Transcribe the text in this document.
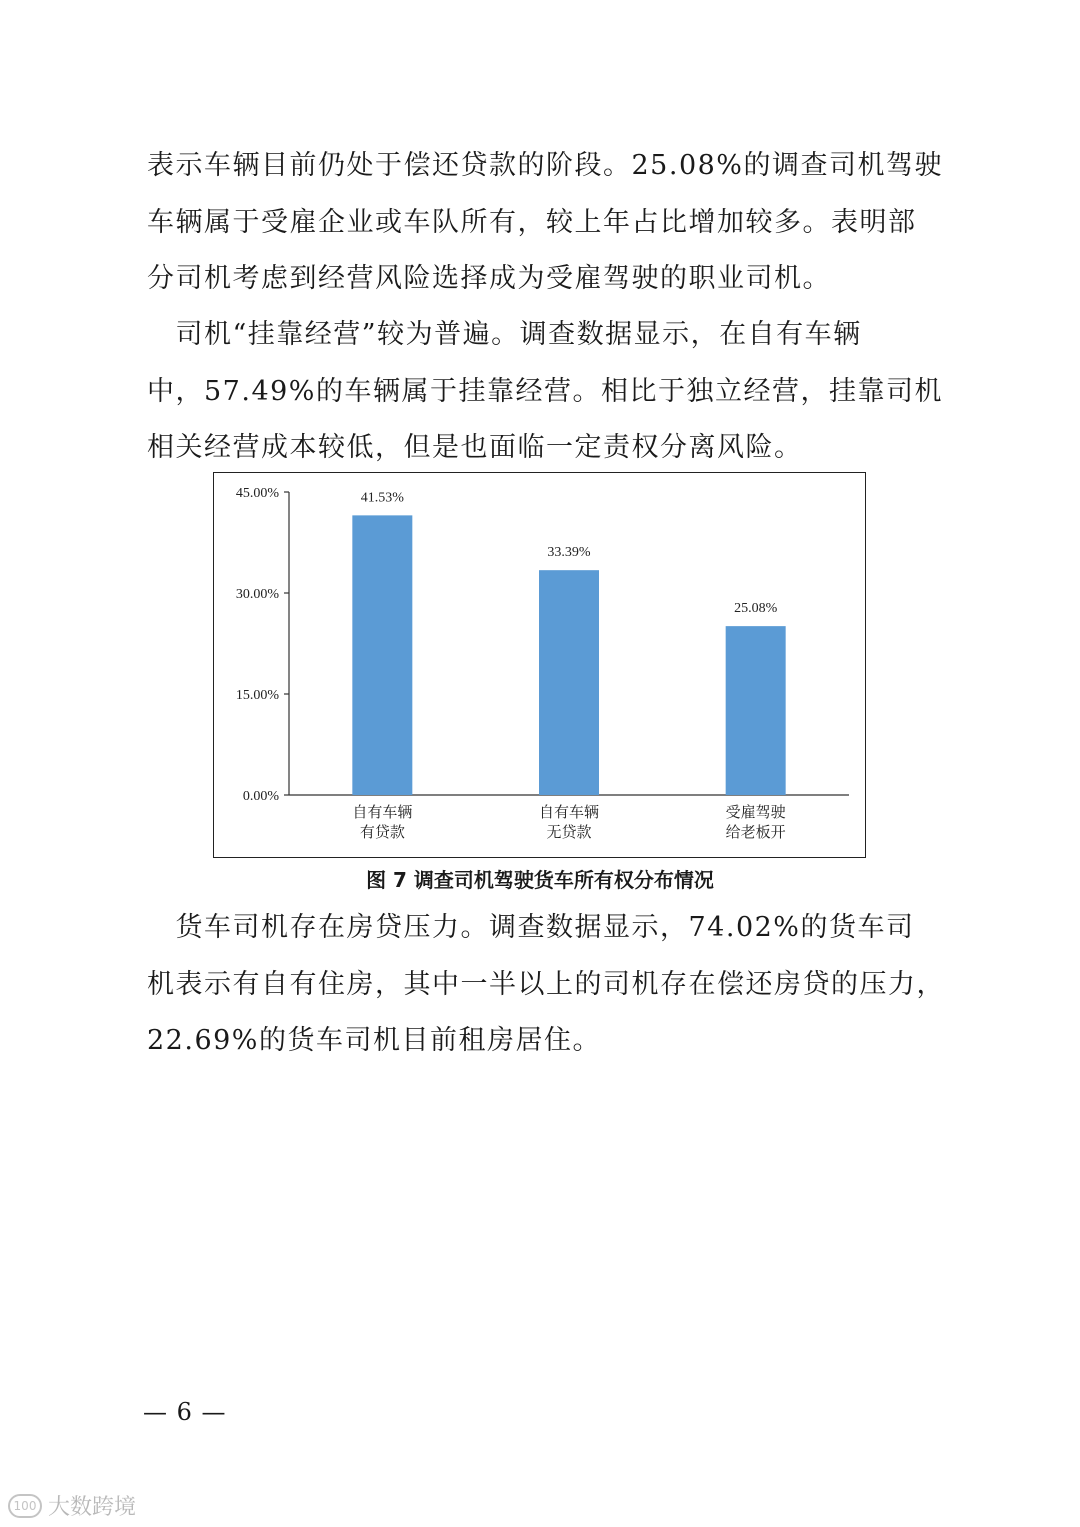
表示车辆目前仍处于偿还贷款的阶段。25.08%的调查司机驾驶
车辆属于受雇企业或车队所有，较上年占比增加较多。表明部
分司机考虑到经营风险选择成为受雇驾驶的职业司机。
　司机“挂靠经营”较为普遍。调查数据显示，在自有车辆
中，57.49%的车辆属于挂靠经营。相比于独立经营，挂靠司机
相关经营成本较低，但是也面临一定责权分离风险。
0.00%
15.00%
30.00%
45.00%	41.53%
自有车辆
有贷款
33.39%
自有车辆
无贷款
25.08%
受雇驾驶
给老板开
图 7 调查司机驾驶货车所有权分布情况
　货车司机存在房贷压力。调查数据显示，74.02%的货车司
机表示有自有住房，其中一半以上的司机存在偿还房贷的压力，
22.69%的货车司机目前租房居住。
— 6 —
100 大数跨境
